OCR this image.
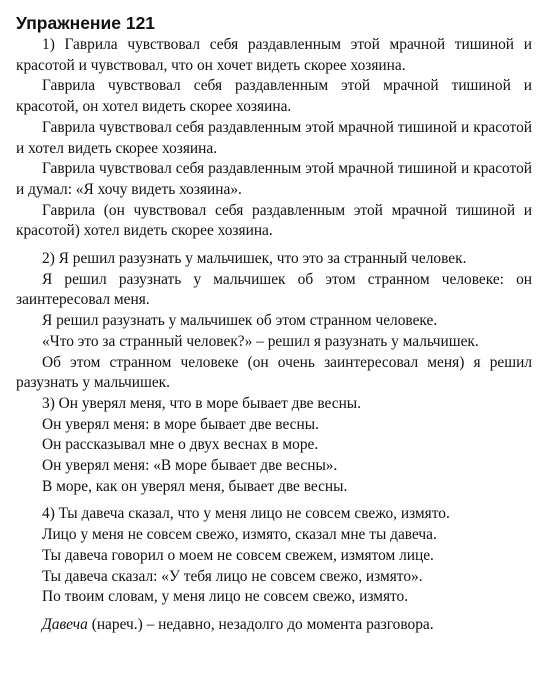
Упражнение 121

1) Гаврила чувствовал себя раздавленным этой мрачной тишиной и красотой и чувствовал, что он хочет видеть скорее хозяина.

Гаврила чувствовал себя раздавленным этой мрачной тишиной и красотой, он хотел видеть скорее хозяина.

Гаврила чувствовал себя раздавленным этой мрачной тишиной и красотой и хотел видеть скорее хозяина.

Гаврила чувствовал себя раздавленным этой мрачной тишиной и красотой и думал: «Я хочу видеть хозяина».

Гаврила (он чувствовал себя раздавленным этой мрачной тишиной и красотой) хотел видеть скорее хозяина.

2) Я решил разузнать у мальчишек, что это за странный человек.

Я решил разузнать у мальчишек об этом странном человеке: он заинтересовал меня.

Я решил разузнать у мальчишек об этом странном человеке.

«Что это за странный человек?» – решил я разузнать у мальчишек.

Об этом странном человеке (он очень заинтересовал меня) я решил разузнать у мальчишек.

3) Он уверял меня, что в море бывает две весны.

Он уверял меня: в море бывает две весны.

Он рассказывал мне о двух веснах в море.

Он уверял меня: «В море бывает две весны».

В море, как он уверял меня, бывает две весны.

4) Ты давеча сказал, что у меня лицо не совсем свежо, измято.

Лицо у меня не совсем свежо, измято, сказал мне ты давеча.

Ты давеча говорил о моем не совсем свежем, измятом лице.

Ты давеча сказал: «У тебя лицо не совсем свежо, измято».

По твоим словам, у меня лицо не совсем свежо, измято.

Давеча (нареч.) – недавно, незадолго до момента разговора.
